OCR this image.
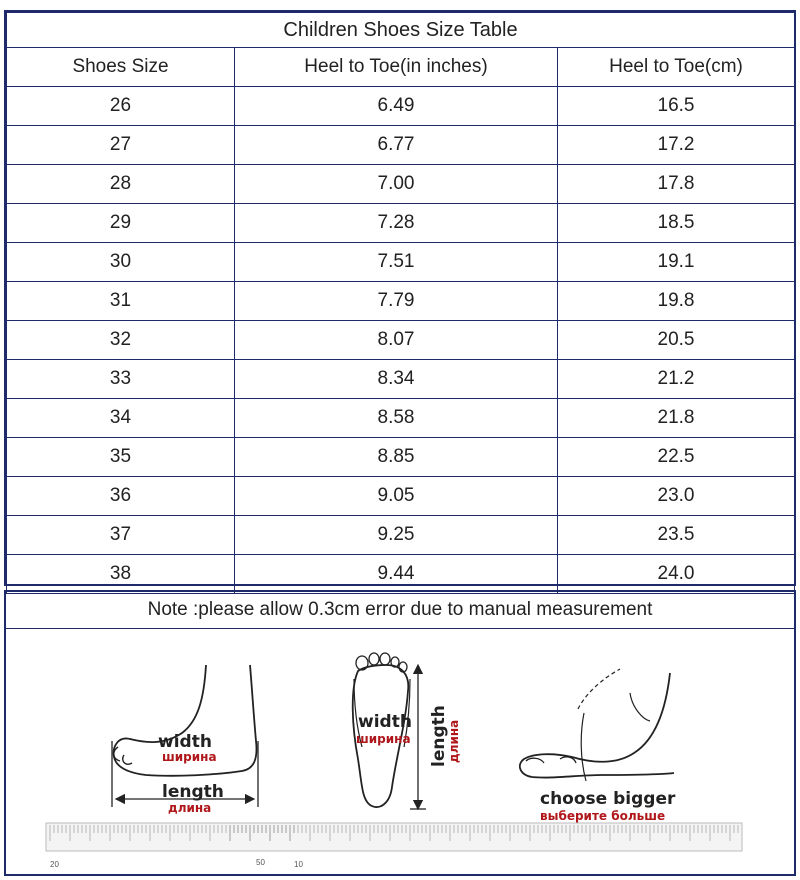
Children Shoes Size Table		
Shoes Size	Heel to Toe(in inches)	Heel to Toe(cm)
26	6.49	16.5
27	6.77	17.2
28	7.00	17.8
29	7.28	18.5
30	7.51	19.1
31	7.79	19.8
32	8.07	20.5
33	8.34	21.2
34	8.58	21.8
35	8.85	22.5
36	9.05	23.0
37	9.25	23.5
38	9.44	24.0
Note :please allow 0.3cm error due to manual measurement
width
ширина
length
длина
width
ширина length
длина
choose bigger
выберите больше
20	50	10
